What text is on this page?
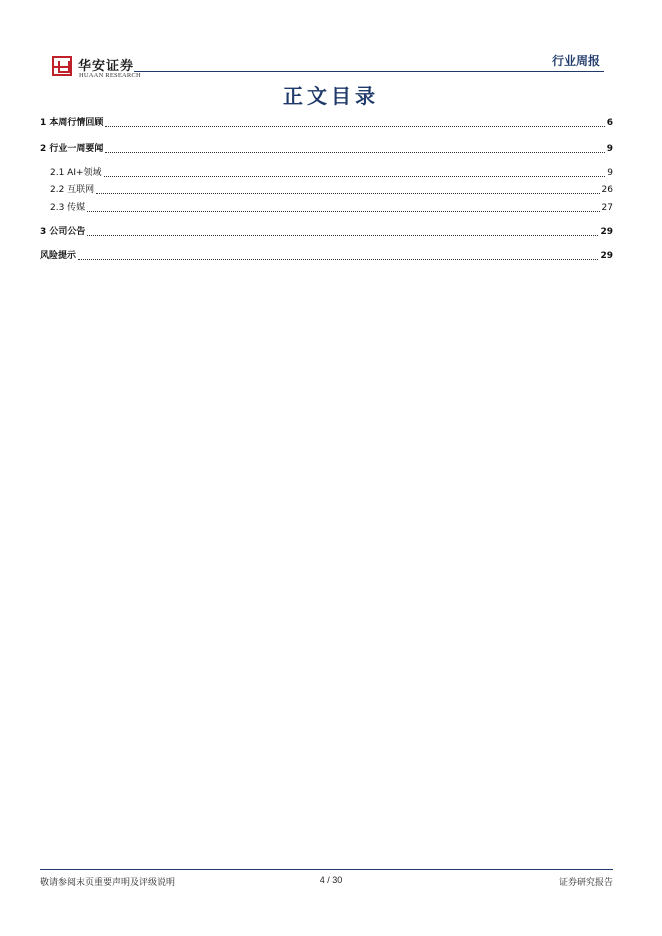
华安证券
HUAAN RESEARCH
行业周报
正文目录
1 本周行情回顾	6
2 行业一周要闻	9
2.1 AI+领域	9
2.2 互联网	26
2.3 传媒	27
3 公司公告	29
风险提示	29
敬请参阅末页重要声明及评级说明	4 / 30	证券研究报告
